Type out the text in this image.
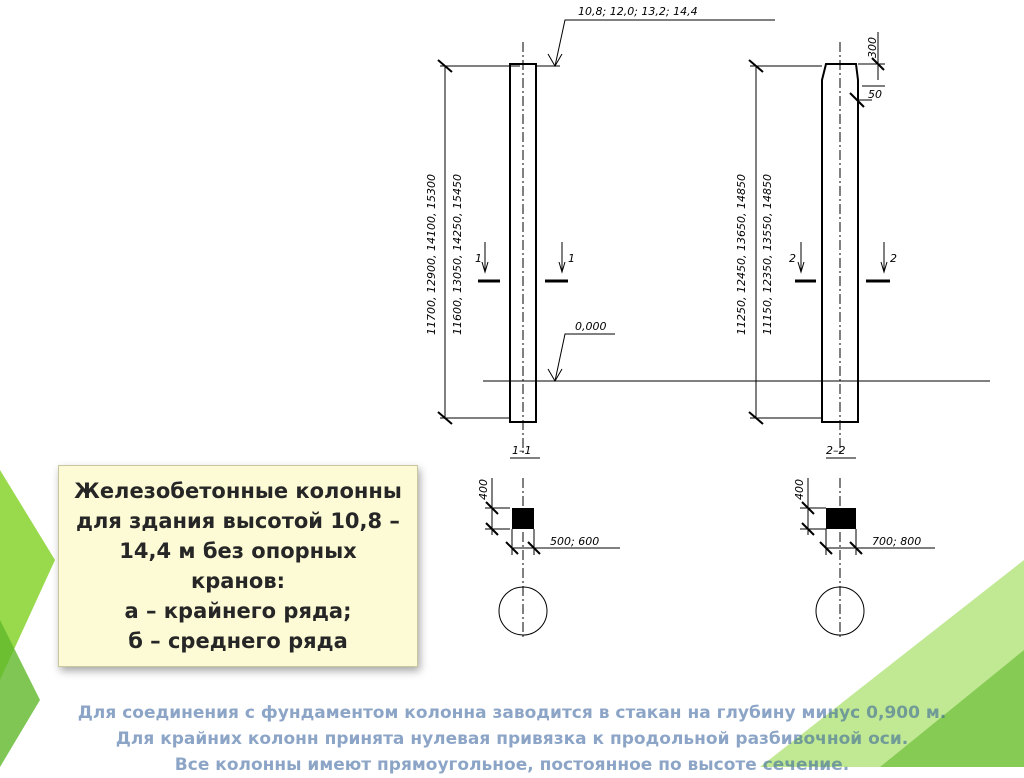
10,8; 12,0; 13,2; 14,4
0,000
11700, 12900, 14100, 15300 11600, 13050, 14250, 15450	11250, 12450, 13650, 14850 11150, 12350, 13550, 14850
1	1	2	2
300
50
1–1	2–2
400	400
500; 600	700; 800
Железобетонные колонны
для здания высотой 10,8 –
14,4 м без опорных
кранов:
а – крайнего ряда;
б – среднего ряда
Для соединения с фундаментом колонна заводится в стакан на глубину минус 0,900 м.
Для крайних колонн принята нулевая привязка к продольной разбивочной оси.
Все колонны имеют прямоугольное, постоянное по высоте сечение.
